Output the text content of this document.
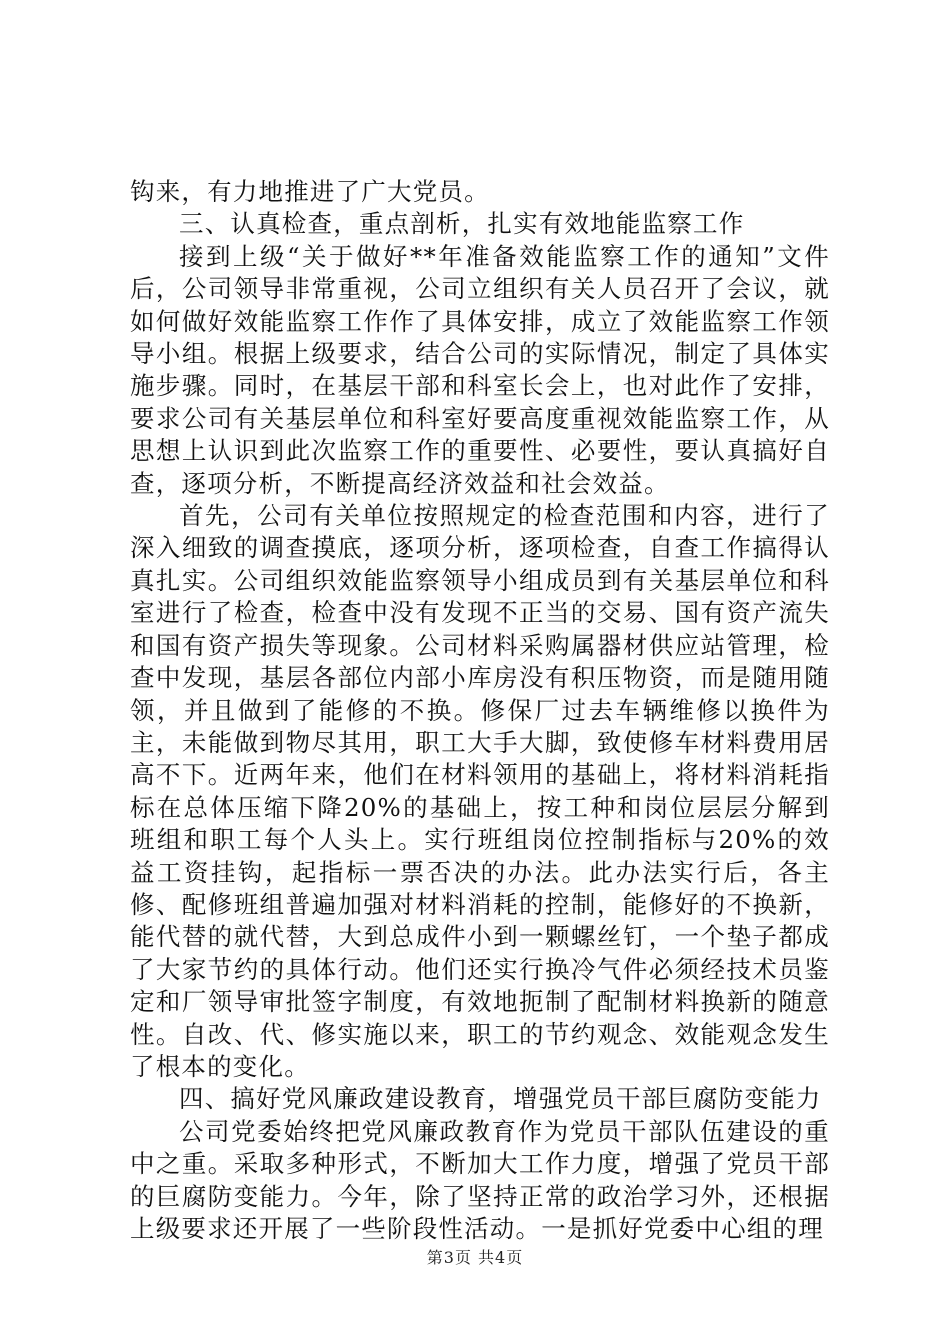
钩来，有力地推进了广大党员。

三、认真检查，重点剖析，扎实有效地能监察工作

接到上级“关于做好**年准备效能监察工作的通知”文件后，公司领导非常重视，公司立组织有关人员召开了会议，就如何做好效能监察工作作了具体安排，成立了效能监察工作领导小组。根据上级要求，结合公司的实际情况，制定了具体实施步骤。同时，在基层干部和科室长会上，也对此作了安排，要求公司有关基层单位和科室好要高度重视效能监察工作，从思想上认识到此次监察工作的重要性、必要性，要认真搞好自查，逐项分析，不断提高经济效益和社会效益。

首先，公司有关单位按照规定的检查范围和内容，进行了深入细致的调查摸底，逐项分析，逐项检查，自查工作搞得认真扎实。公司组织效能监察领导小组成员到有关基层单位和科室进行了检查，检查中没有发现不正当的交易、国有资产流失和国有资产损失等现象。公司材料采购属器材供应站管理，检查中发现，基层各部位内部小库房没有积压物资，而是随用随领，并且做到了能修的不换。修保厂过去车辆维修以换件为主，未能做到物尽其用，职工大手大脚，致使修车材料费用居高不下。近两年来，他们在材料领用的基础上，将材料消耗指标在总体压缩下降20%的基础上，按工种和岗位层层分解到班组和职工每个人头上。实行班组岗位控制指标与20%的效益工资挂钩，起指标一票否决的办法。此办法实行后，各主修、配修班组普遍加强对材料消耗的控制，能修好的不换新，能代替的就代替，大到总成件小到一颗螺丝钉，一个垫子都成了大家节约的具体行动。他们还实行换冷气件必须经技术员鉴定和厂领导审批签字制度，有效地扼制了配制材料换新的随意性。自改、代、修实施以来，职工的节约观念、效能观念发生了根本的变化。

四、搞好党风廉政建设教育，增强党员干部巨腐防变能力

公司党委始终把党风廉政教育作为党员干部队伍建设的重中之重。采取多种形式，不断加大工作力度，增强了党员干部的巨腐防变能力。今年，除了坚持正常的政治学习外，还根据上级要求还开展了一些阶段性活动。一是抓好党委中心组的理

第3页 共4页
